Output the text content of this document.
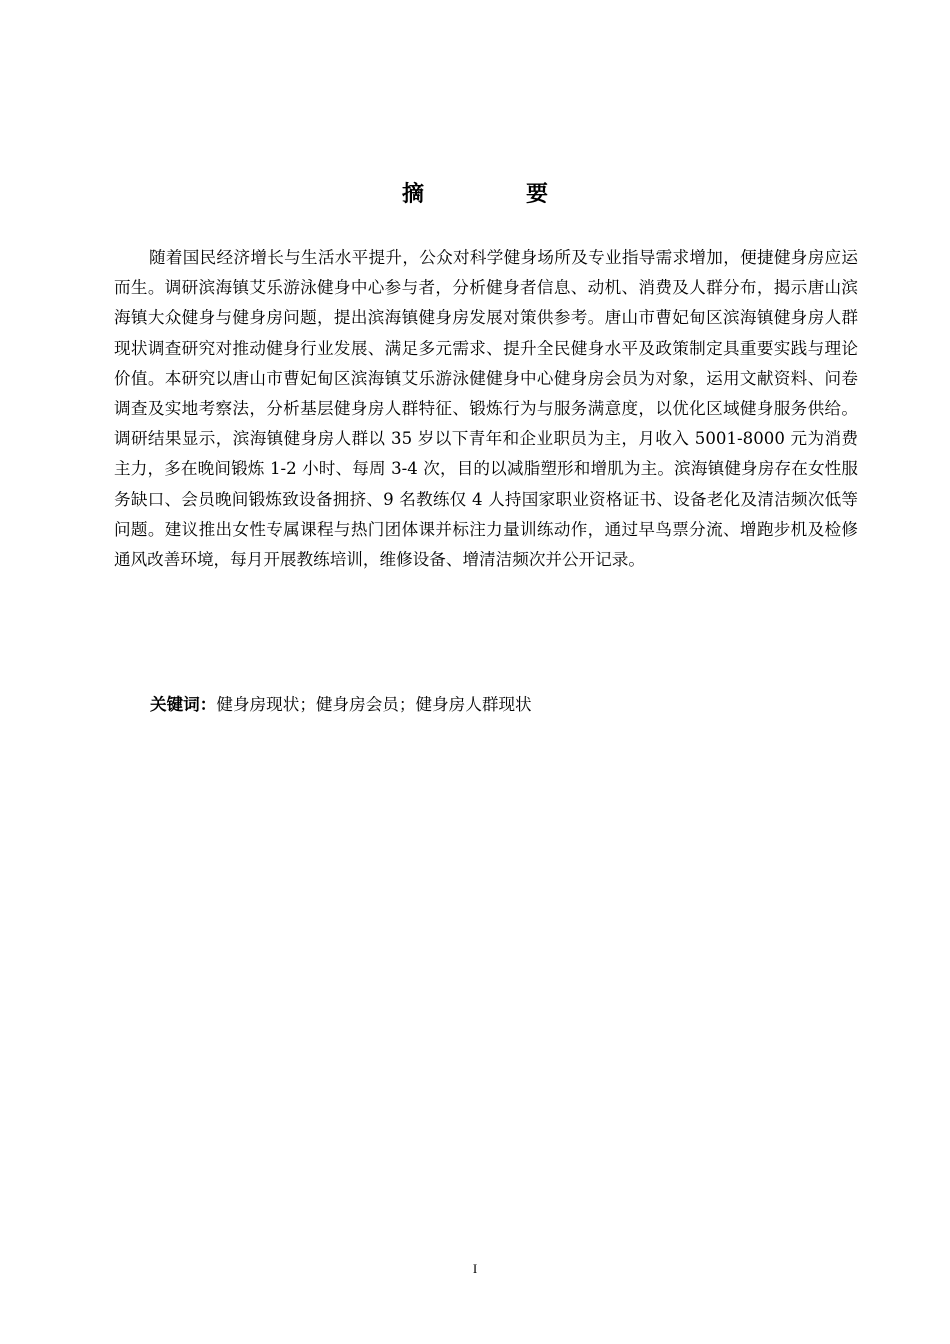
摘　要

随着国民经济增长与生活水平提升，公众对科学健身场所及专业指导需求增加，便捷健身房应运而生。调研滨海镇艾乐游泳健身中心参与者，分析健身者信息、动机、消费及人群分布，揭示唐山滨海镇大众健身与健身房问题，提出滨海镇健身房发展对策供参考。唐山市曹妃甸区滨海镇健身房人群现状调查研究对推动健身行业发展、满足多元需求、提升全民健身水平及政策制定具重要实践与理论价值。本研究以唐山市曹妃甸区滨海镇艾乐游泳健健身中心健身房会员为对象，运用文献资料、问卷调查及实地考察法，分析基层健身房人群特征、锻炼行为与服务满意度，以优化区域健身服务供给。调研结果显示，滨海镇健身房人群以 35 岁以下青年和企业职员为主，月收入 5001-8000 元为消费主力，多在晚间锻炼 1-2 小时、每周 3-4 次，目的以减脂塑形和增肌为主。滨海镇健身房存在女性服务缺口、会员晚间锻炼致设备拥挤、9 名教练仅 4 人持国家职业资格证书、设备老化及清洁频次低等问题。建议推出女性专属课程与热门团体课并标注力量训练动作，通过早鸟票分流、增跑步机及检修通风改善环境，每月开展教练培训，维修设备、增清洁频次并公开记录。

关键词：健身房现状；健身房会员；健身房人群现状
I
